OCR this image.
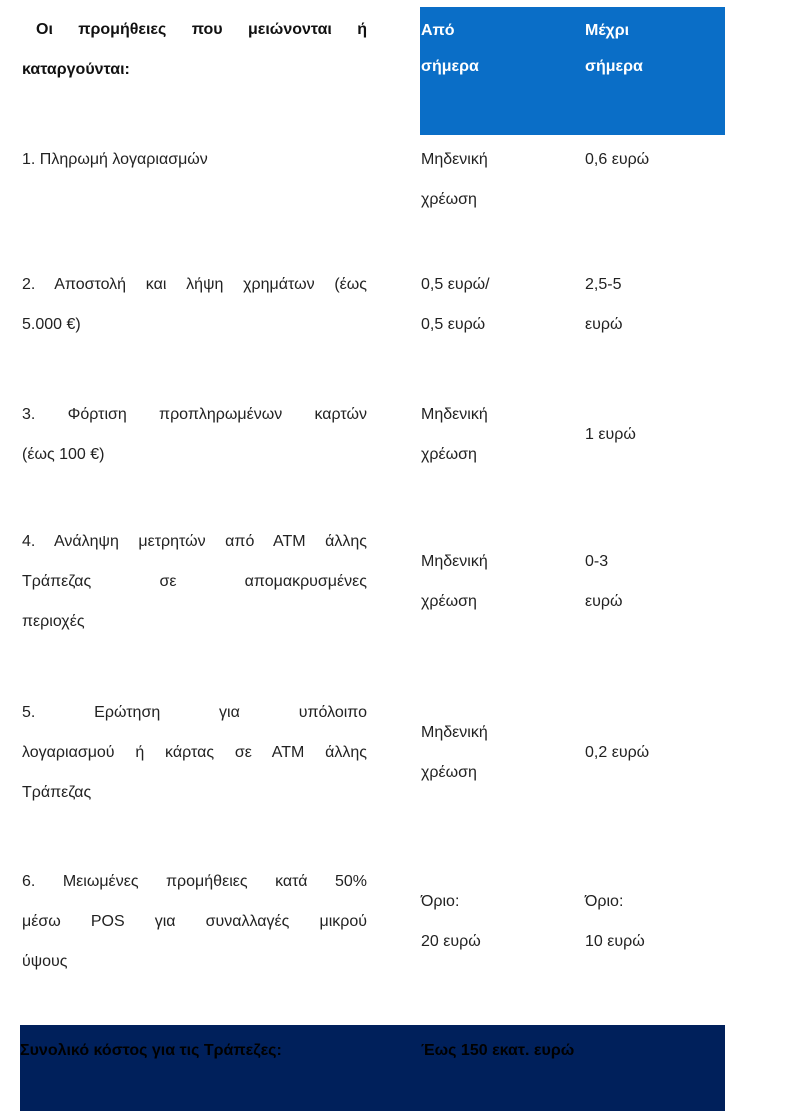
Οι προμήθειες που μειώνονται ή
καταργούνται:
Από
σήμερα
Μέχρι
σήμερα
1. Πληρωμή λογαριασμών	Μηδενική
χρέωση
0,6 ευρώ
2. Αποστολή και λήψη χρημάτων (έως
5.000 €)
0,5 ευρώ/
0,5 ευρώ
2,5-5
ευρώ
3. Φόρτιση προπληρωμένων καρτών
(έως 100 €)
Μηδενική
χρέωση
1 ευρώ
4. Ανάληψη μετρητών από ΑΤΜ άλλης
Τράπεζας σε απομακρυσμένες
περιοχές
Μηδενική
χρέωση
0-3
ευρώ
5. Ερώτηση για υπόλοιπο
λογαριασμού ή κάρτας σε ΑΤΜ άλλης
Τράπεζας
Μηδενική
χρέωση
0,2 ευρώ
6. Μειωμένες προμήθειες κατά 50%
μέσω POS για συναλλαγές μικρού
ύψους
Όριο:
20 ευρώ
Όριο:
10 ευρώ
Συνολικό κόστος για τις Τράπεζες:	Έως 150 εκατ. ευρώ
